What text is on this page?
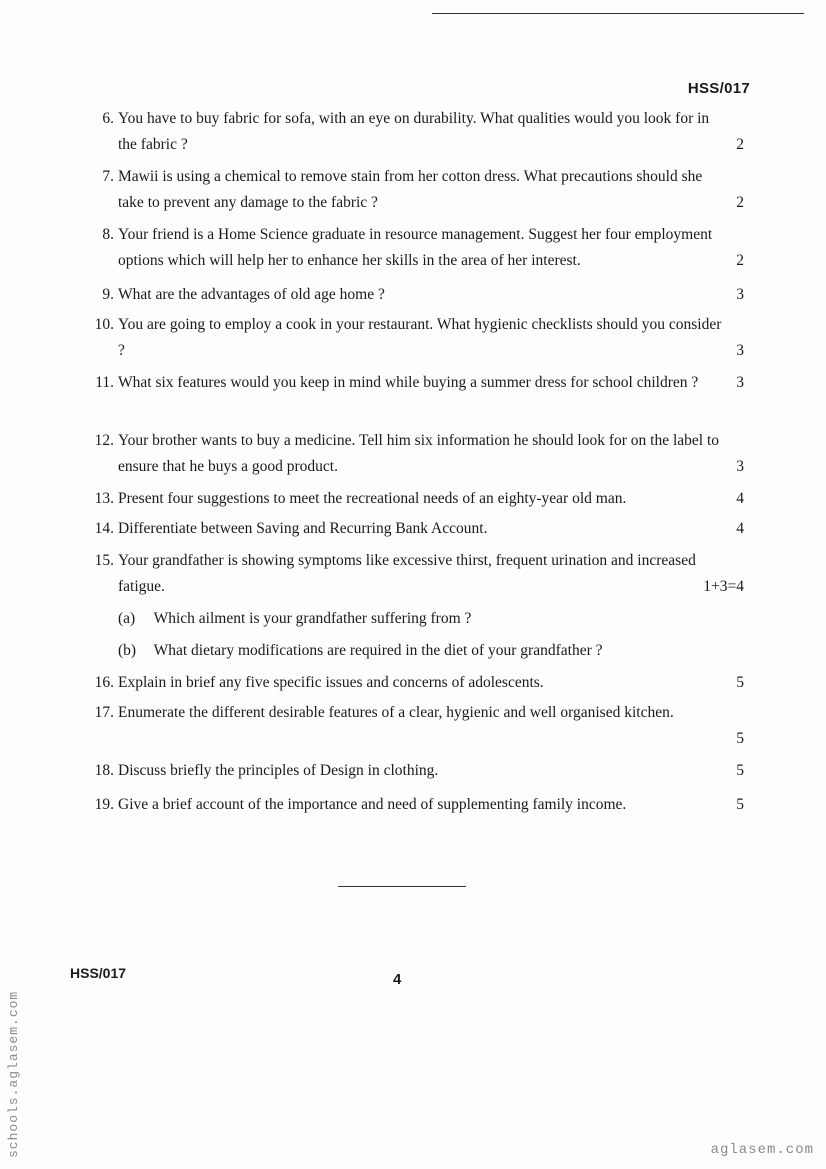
HSS/017
6. You have to buy fabric for sofa, with an eye on durability. What qualities would you look for in the fabric ?	2
7. Mawii is using a chemical to remove stain from her cotton dress. What precautions should she take to prevent any damage to the fabric ?	2
8. Your friend is a Home Science graduate in resource management. Suggest her four employment options which will help her to enhance her skills in the area of her interest.	2
9. What are the advantages of old age home ?	3
10. You are going to employ a cook in your restaurant. What hygienic checklists should you consider ?	3
11. What six features would you keep in mind while buying a summer dress for school children ?	3
12. Your brother wants to buy a medicine. Tell him six information he should look for on the label to ensure that he buys a good product.	3
13. Present four suggestions to meet the recreational needs of an eighty-year old man.	4
14. Differentiate between Saving and Recurring Bank Account.	4
15. Your grandfather is showing symptoms like excessive thirst, frequent urination and increased fatigue.	1+3=4
(a) Which ailment is your grandfather suffering from ?
(b) What dietary modifications are required in the diet of your grandfather ?
16. Explain in brief any five specific issues and concerns of adolescents.	5
17. Enumerate the different desirable features of a clear, hygienic and well organised kitchen.
5
18. Discuss briefly the principles of Design in clothing.	5
19. Give a brief account of the importance and need of supplementing family income.	5
HSS/017	4
schools.aglasem.com	aglasem.com
